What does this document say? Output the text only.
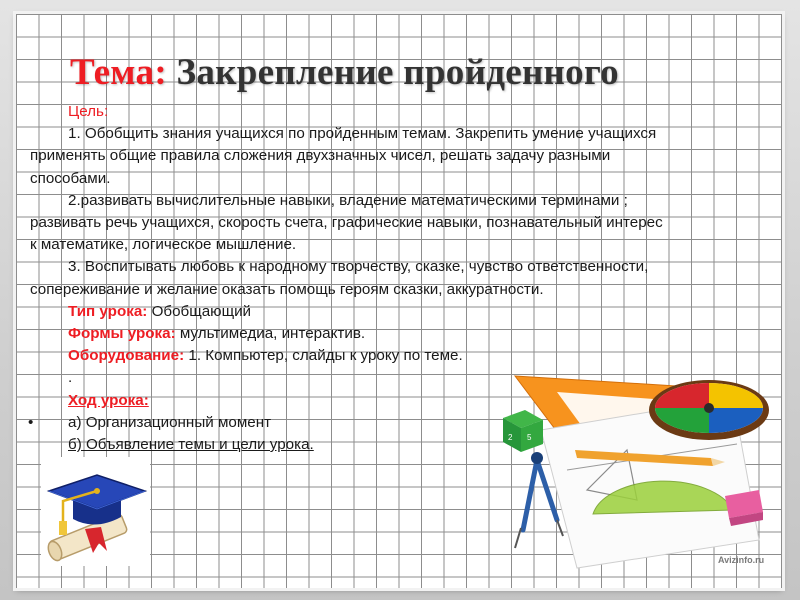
Тема: Закрепление пройденного
Цель:
1. Обобщить знания учащихся по пройденным темам. Закрепить умение учащихся
применять общие правила сложения двухзначных чисел, решать задачу разными
способами.
2.развивать вычислительные навыки, владение математическими терминами ;
развивать речь учащихся, скорость счета, графические навыки, познавательный интерес
к математике, логическое мышление.
3. Воспитывать любовь к народному творчеству, сказке, чувство ответственности,
сопереживание и желание оказать помощь героям сказки, аккуратности.
Тип урока: Обобщающий
Формы урока: мультимедиа, интерактив.
Оборудование: 1. Компьютер, слайды к уроку по теме.
.
Ход урока:
• а) Организационный момент
б) Объявление темы и цели урока.	2 5
Avizinfo.ru
